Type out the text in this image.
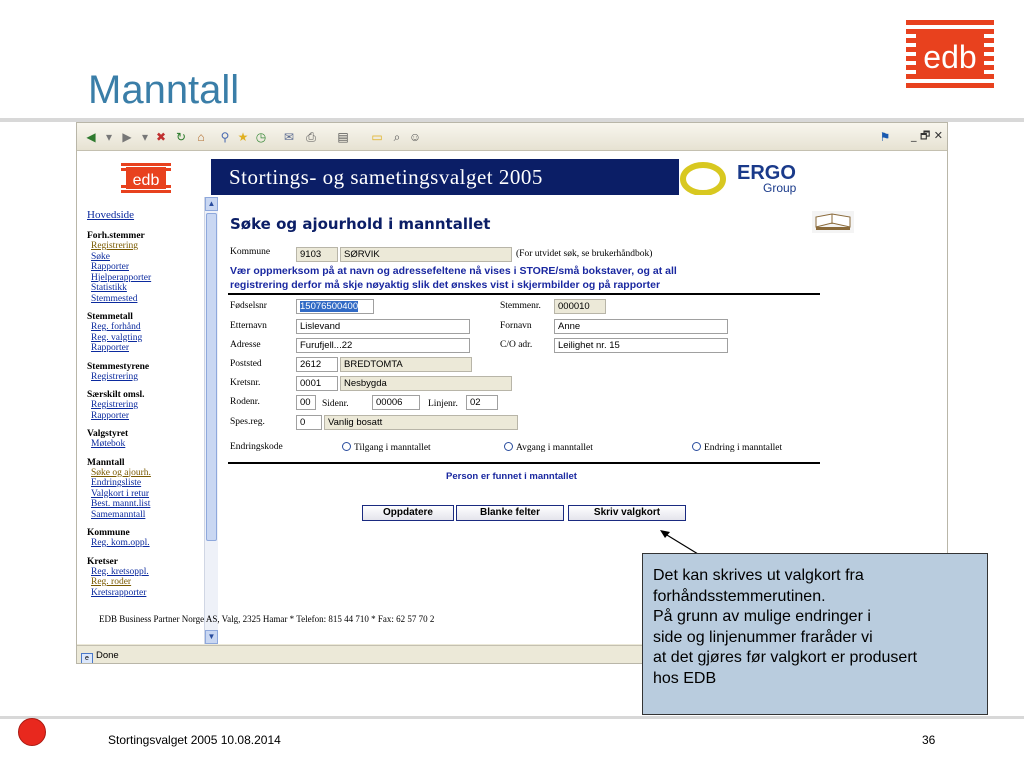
Manntall
edb
◀ ▾ ▶ ▾ ✖ ↻ ⌂	⚲ ★ ◷ ✉ ⎙ ▤ ▭ ⌕ ☺	⚑ _ 🗗 ✕
edb	Stortings- og sametingsvalget 2005	ERGO
Group
Hovedside
Forh.stemmer
Registrering
Søke
Rapporter
Hjelperapporter
Statistikk
Stemmested
Stemmetall
Reg. forhånd
Reg. valgting
Rapporter
Stemmestyrene
Registrering
Særskilt omsl.
Registrering
Rapporter
Valgstyret
Møtebok
Manntall
Søke og ajourh.
Endringsliste
Valgkort i retur
Best. mannt.list
Samemanntall
Kommune
Reg. kom.oppl.
Kretser
Reg. kretsoppl.
Reg. roder
Kretsrapporter
▲
▼
Søke og ajourhold i manntallet
Kommune	9103	SØRVIK	(For utvidet søk, se brukerhåndbok)
Vær oppmerksom på at navn og adressefeltene nå vises i STORE/små bokstaver, og at all
registrering derfor må skje nøyaktig slik det ønskes vist i skjermbilder og på rapporter
Fødselsnr	15076500400	Stemmenr.	000010
Etternavn	Lislevand	Fornavn	Anne
Adresse	Furufjell...22	C/O adr.	Leilighet nr. 15
Poststed	2612	BREDTOMTA
Kretsnr.	0001	Nesbygda
Rodenr.	00	Sidenr.	00006	Linjenr.	02
Spes.reg.	0	Vanlig bosatt
Endringskode	Tilgang i manntallet	Avgang i manntallet	Endring i manntallet
Person er funnet i manntallet
Oppdatere	Blanke felter	Skriv valgkort
EDB Business Partner Norge AS, Valg, 2325 Hamar * Telefon: 815 44 710 * Fax: 62 57 70 2
e Done
Det kan skrives ut valgkort fra
forhåndsstemmerutinen.
På grunn av mulige endringer i
side og linjenummer fraråder vi
at det gjøres før valgkort er produsert
hos EDB
Stortingsvalget 2005 10.08.2014	36
